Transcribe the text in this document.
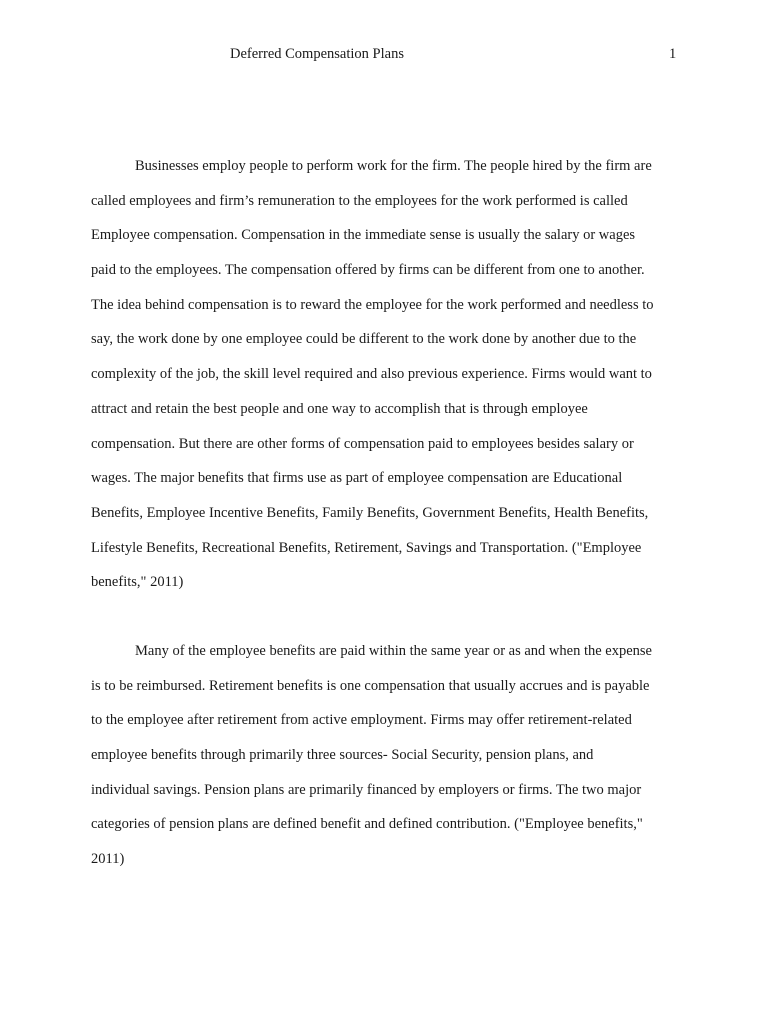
Deferred Compensation Plans	1

Businesses employ people to perform work for the firm. The people hired by the firm are
called employees and firm’s remuneration to the employees for the work performed is called
Employee compensation. Compensation in the immediate sense is usually the salary or wages
paid to the employees. The compensation offered by firms can be different from one to another.
The idea behind compensation is to reward the employee for the work performed and needless to
say, the work done by one employee could be different to the work done by another due to the
complexity of the job, the skill level required and also previous experience. Firms would want to
attract and retain the best people and one way to accomplish that is through employee
compensation. But there are other forms of compensation paid to employees besides salary or
wages. The major benefits that firms use as part of employee compensation are Educational
Benefits, Employee Incentive Benefits, Family Benefits, Government Benefits, Health Benefits,
Lifestyle Benefits, Recreational Benefits, Retirement, Savings and Transportation. ("Employee
benefits," 2011)

Many of the employee benefits are paid within the same year or as and when the expense
is to be reimbursed. Retirement benefits is one compensation that usually accrues and is payable
to the employee after retirement from active employment. Firms may offer retirement-related
employee benefits through primarily three sources- Social Security, pension plans, and
individual savings. Pension plans are primarily financed by employers or firms. The two major
categories of pension plans are defined benefit and defined contribution. ("Employee benefits,"
2011)
